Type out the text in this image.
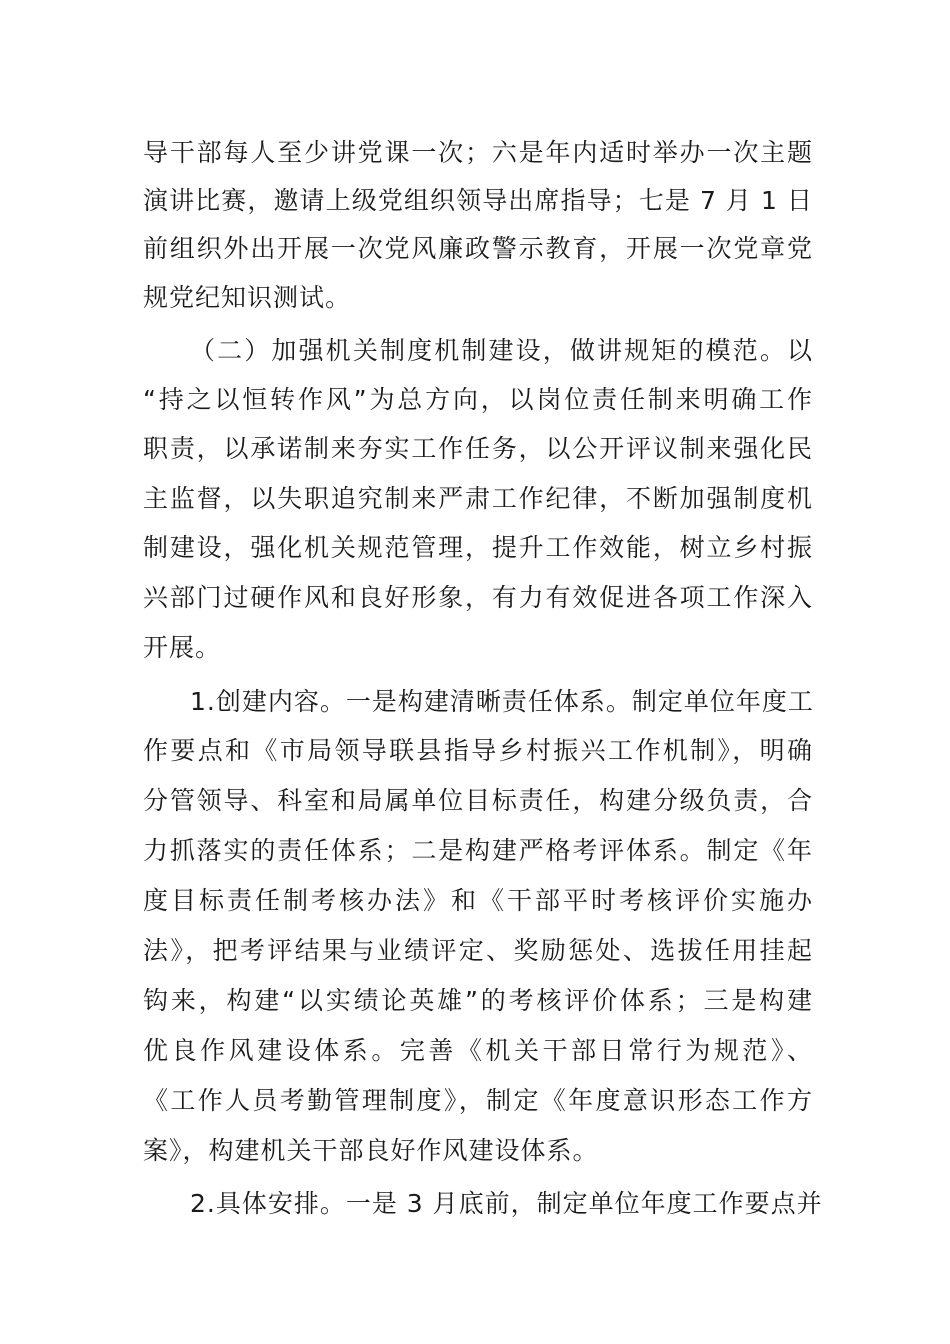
导干部每人至少讲党课一次；六是年内适时举办一次主题
演讲比赛，邀请上级党组织领导出席指导；七是 7 月 1 日
前组织外出开展一次党风廉政警示教育，开展一次党章党
规党纪知识测试。
（二）加强机关制度机制建设，做讲规矩的模范。以
“持之以恒转作风”为总方向，以岗位责任制来明确工作
职责，以承诺制来夯实工作任务，以公开评议制来强化民
主监督，以失职追究制来严肃工作纪律，不断加强制度机
制建设，强化机关规范管理，提升工作效能，树立乡村振
兴部门过硬作风和良好形象，有力有效促进各项工作深入
开展。
1.创建内容。一是构建清晰责任体系。制定单位年度工
作要点和《市局领导联县指导乡村振兴工作机制》，明确
分管领导、科室和局属单位目标责任，构建分级负责，合
力抓落实的责任体系；二是构建严格考评体系。制定《年
度目标责任制考核办法》和《干部平时考核评价实施办
法》，把考评结果与业绩评定、奖励惩处、选拔任用挂起
钩来，构建“以实绩论英雄”的考核评价体系；三是构建
优良作风建设体系。完善《机关干部日常行为规范》、
《工作人员考勤管理制度》，制定《年度意识形态工作方
案》，构建机关干部良好作风建设体系。
2.具体安排。一是 3 月底前，制定单位年度工作要点并
